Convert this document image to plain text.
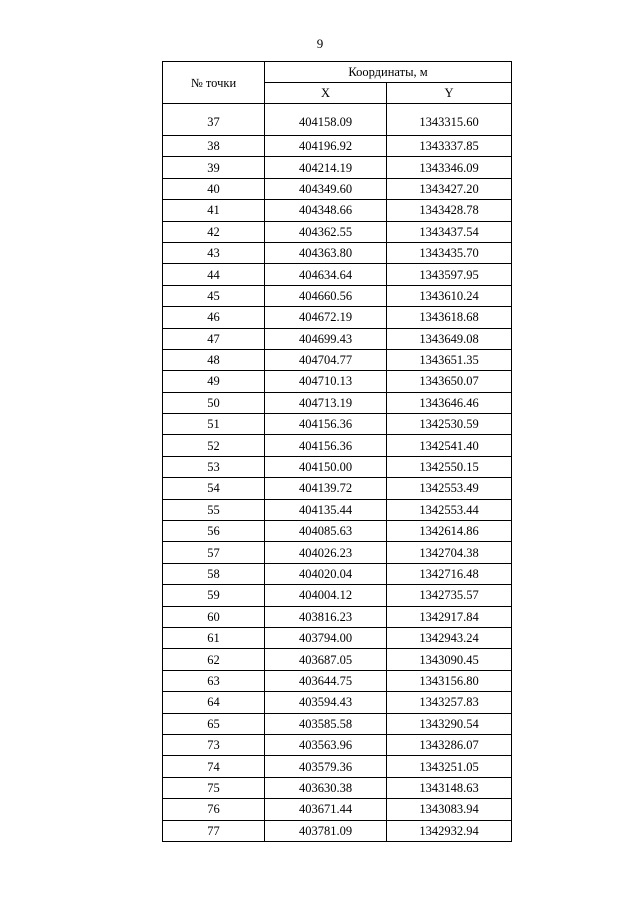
9
№ точки	Координаты, м	
	X	Y
37	404158.09	1343315.60
38	404196.92	1343337.85
39	404214.19	1343346.09
40	404349.60	1343427.20
41	404348.66	1343428.78
42	404362.55	1343437.54
43	404363.80	1343435.70
44	404634.64	1343597.95
45	404660.56	1343610.24
46	404672.19	1343618.68
47	404699.43	1343649.08
48	404704.77	1343651.35
49	404710.13	1343650.07
50	404713.19	1343646.46
51	404156.36	1342530.59
52	404156.36	1342541.40
53	404150.00	1342550.15
54	404139.72	1342553.49
55	404135.44	1342553.44
56	404085.63	1342614.86
57	404026.23	1342704.38
58	404020.04	1342716.48
59	404004.12	1342735.57
60	403816.23	1342917.84
61	403794.00	1342943.24
62	403687.05	1343090.45
63	403644.75	1343156.80
64	403594.43	1343257.83
65	403585.58	1343290.54
73	403563.96	1343286.07
74	403579.36	1343251.05
75	403630.38	1343148.63
76	403671.44	1343083.94
77	403781.09	1342932.94
